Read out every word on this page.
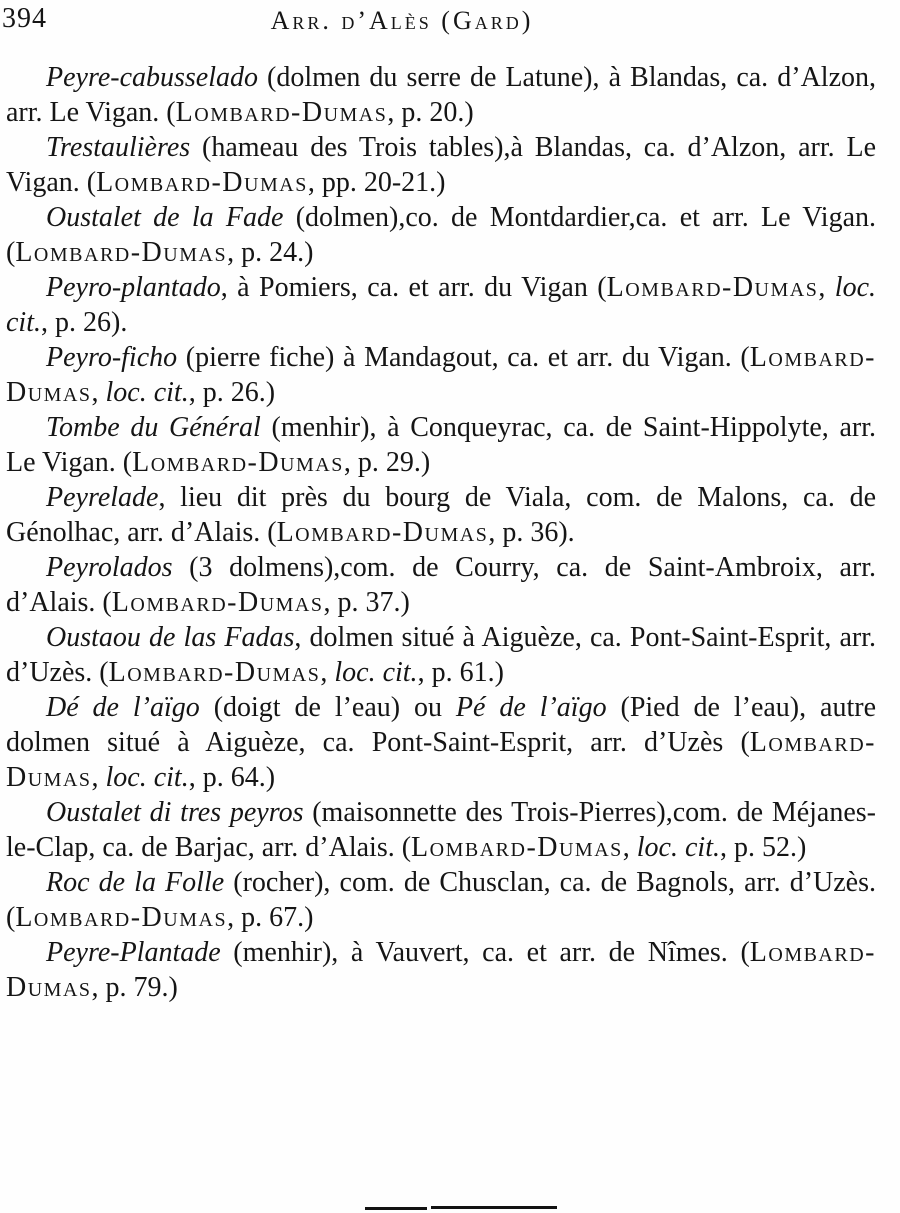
394	Arr. d’Alès (Gard)

Peyre-cabusselado (dolmen du serre de Latune), à Blandas, ca. d’Alzon, arr. Le Vigan. (Lombard-Dumas, p. 20.)

Trestaulières (hameau des Trois tables),à Blandas, ca. d’Alzon, arr. Le Vigan. (Lombard-Dumas, pp. 20-21.)

Oustalet de la Fade (dolmen),co. de Montdardier,ca. et arr. Le Vigan. (Lombard-Dumas, p. 24.)

Peyro-plantado, à Pomiers, ca. et arr. du Vigan (Lombard-Dumas, loc. cit., p. 26).

Peyro-ficho (pierre fiche) à Mandagout, ca. et arr. du Vigan. (Lombard-Dumas, loc. cit., p. 26.)

Tombe du Général (menhir), à Conqueyrac, ca. de Saint-Hippolyte, arr. Le Vigan. (Lombard-Dumas, p. 29.)

Peyrelade, lieu dit près du bourg de Viala, com. de Malons, ca. de Génolhac, arr. d’Alais. (Lombard-Dumas, p. 36).

Peyrolados (3 dolmens),com. de Courry, ca. de Saint-Ambroix, arr. d’Alais. (Lombard-Dumas, p. 37.)

Oustaou de las Fadas, dolmen situé à Aiguèze, ca. Pont-Saint-Esprit, arr. d’Uzès. (Lombard-Dumas, loc. cit., p. 61.)

Dé de l’aïgo (doigt de l’eau) ou Pé de l’aïgo (Pied de l’eau), autre dolmen situé à Aiguèze, ca. Pont-Saint-Esprit, arr. d’Uzès (Lombard-Dumas, loc. cit., p. 64.)

Oustalet di tres peyros (maisonnette des Trois-Pierres),com. de Méjanes-le-Clap, ca. de Barjac, arr. d’Alais. (Lombard-Dumas, loc. cit., p. 52.)

Roc de la Folle (rocher), com. de Chusclan, ca. de Bagnols, arr. d’Uzès. (Lombard-Dumas, p. 67.)

Peyre-Plantade (menhir), à Vauvert, ca. et arr. de Nîmes. (Lombard-Dumas, p. 79.)
